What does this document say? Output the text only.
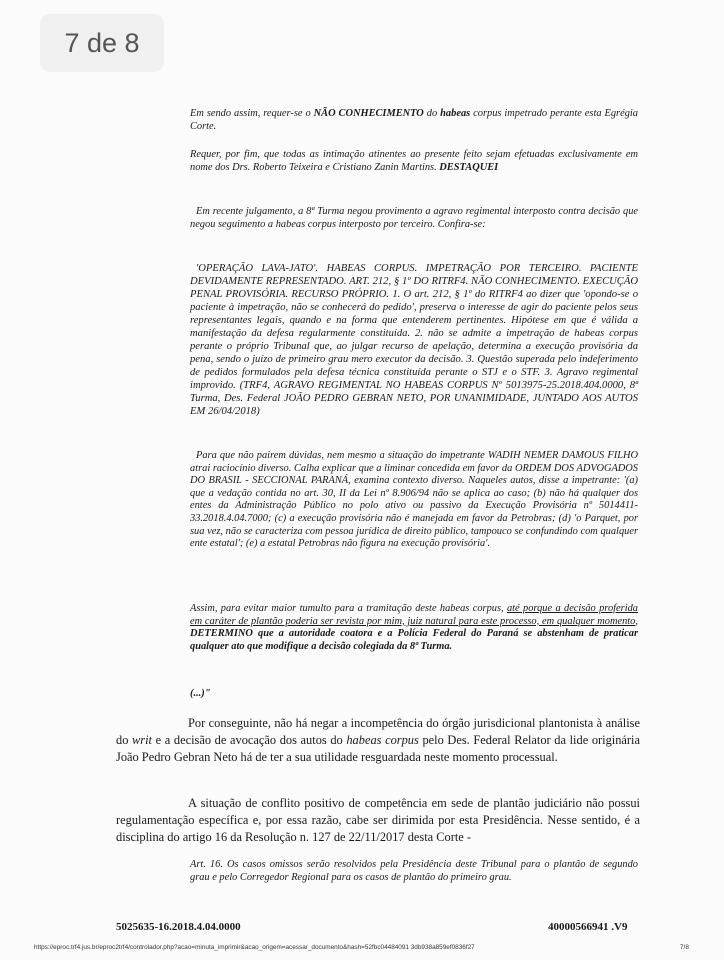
7 de 8

Em sendo assim, requer-se o NÃO CONHECIMENTO do habeas corpus impetrado perante esta Egrégia Corte.

Requer, por fim, que todas as intimação atinentes ao presente feito sejam efetuadas exclusivamente em nome dos Drs. Roberto Teixeira e Cristiano Zanin Martins. DESTAQUEI

Em recente julgamento, a 8ª Turma negou provimento a agravo regimental interposto contra decisão que negou seguimento a habeas corpus interposto por terceiro. Confira-se:

'OPERAÇÃO LAVA-JATO'. HABEAS CORPUS. IMPETRAÇÃO POR TERCEIRO. PACIENTE DEVIDAMENTE REPRESENTADO. ART. 212, § 1º DO RITRF4. NÃO CONHECIMENTO. EXECUÇÃO PENAL PROVISÓRIA. RECURSO PRÓPRIO. 1. O art. 212, § 1º do RITRF4 ao dizer que 'opondo-se o paciente à impetração, não se conhecerá do pedido', preserva o interesse de agir do paciente pelos seus representantes legais, quando e na forma que entenderem pertinentes. Hipótese em que é válida a manifestação da defesa regularmente constituída. 2. não se admite a impetração de habeas corpus perante o próprio Tribunal que, ao julgar recurso de apelação, determina a execução provisória da pena, sendo o juízo de primeiro grau mero executor da decisão. 3. Questão superada pelo indeferimento de pedidos formulados pela defesa técnica constituída perante o STJ e o STF. 3. Agravo regimental improvido. (TRF4, AGRAVO REGIMENTAL NO HABEAS CORPUS Nº 5013975-25.2018.404.0000, 8ª Turma, Des. Federal JOÃO PEDRO GEBRAN NETO, POR UNANIMIDADE, JUNTADO AOS AUTOS EM 26/04/2018)

Para que não pairem dúvidas, nem mesmo a situação do impetrante WADIH NEMER DAMOUS FILHO atrai raciocínio diverso. Calha explicar que a liminar concedida em favor da ORDEM DOS ADVOGADOS DO BRASIL - SECCIONAL PARANÁ, examina contexto diverso. Naqueles autos, disse a impetrante: '(a) que a vedação contida no art. 30, II da Lei nº 8.906/94 não se aplica ao caso; (b) não há qualquer dos entes da Administração Público no polo ativo ou passivo da Execução Provisória nº 5014411-33.2018.4.04.7000; (c) a execução provisória não é manejada em favor da Petrobras; (d) 'o Parquet, por sua vez, não se caracteriza com pessoa jurídica de direito público, tampouco se confundindo com qualquer ente estatal'; (e) a estatal Petrobras não figura na execução provisória'.

Assim, para evitar maior tumulto para a tramitação deste habeas corpus, até porque a decisão proferida em caráter de plantão poderia ser revista por mim, juiz natural para este processo, em qualquer momento, DETERMINO que a autoridade coatora e a Polícia Federal do Paraná se abstenham de praticar qualquer ato que modifique a decisão colegiada da 8ª Turma.

(...)"

Por conseguinte, não há negar a incompetência do órgão jurisdicional plantonista à análise do writ e a decisão de avocação dos autos do habeas corpus pelo Des. Federal Relator da lide originária João Pedro Gebran Neto há de ter a sua utilidade resguardada neste momento processual.

A situação de conflito positivo de competência em sede de plantão judiciário não possui regulamentação específica e, por essa razão, cabe ser dirimida por esta Presidência. Nesse sentido, é a disciplina do artigo 16 da Resolução n. 127 de 22/11/2017 desta Corte -

Art. 16. Os casos omissos serão resolvidos pela Presidência deste Tribunal para o plantão de segundo grau e pelo Corregedor Regional para os casos de plantão do primeiro grau.

5025635-16.2018.4.04.0000	40000566941 .V9
https://eproc.trf4.jus.br/eproc2trf4/controlador.php?acao=minuta_imprimir&acao_origem=acessar_documento&hash=52fbc04484091 3db938a859ef0836f27	7/8
